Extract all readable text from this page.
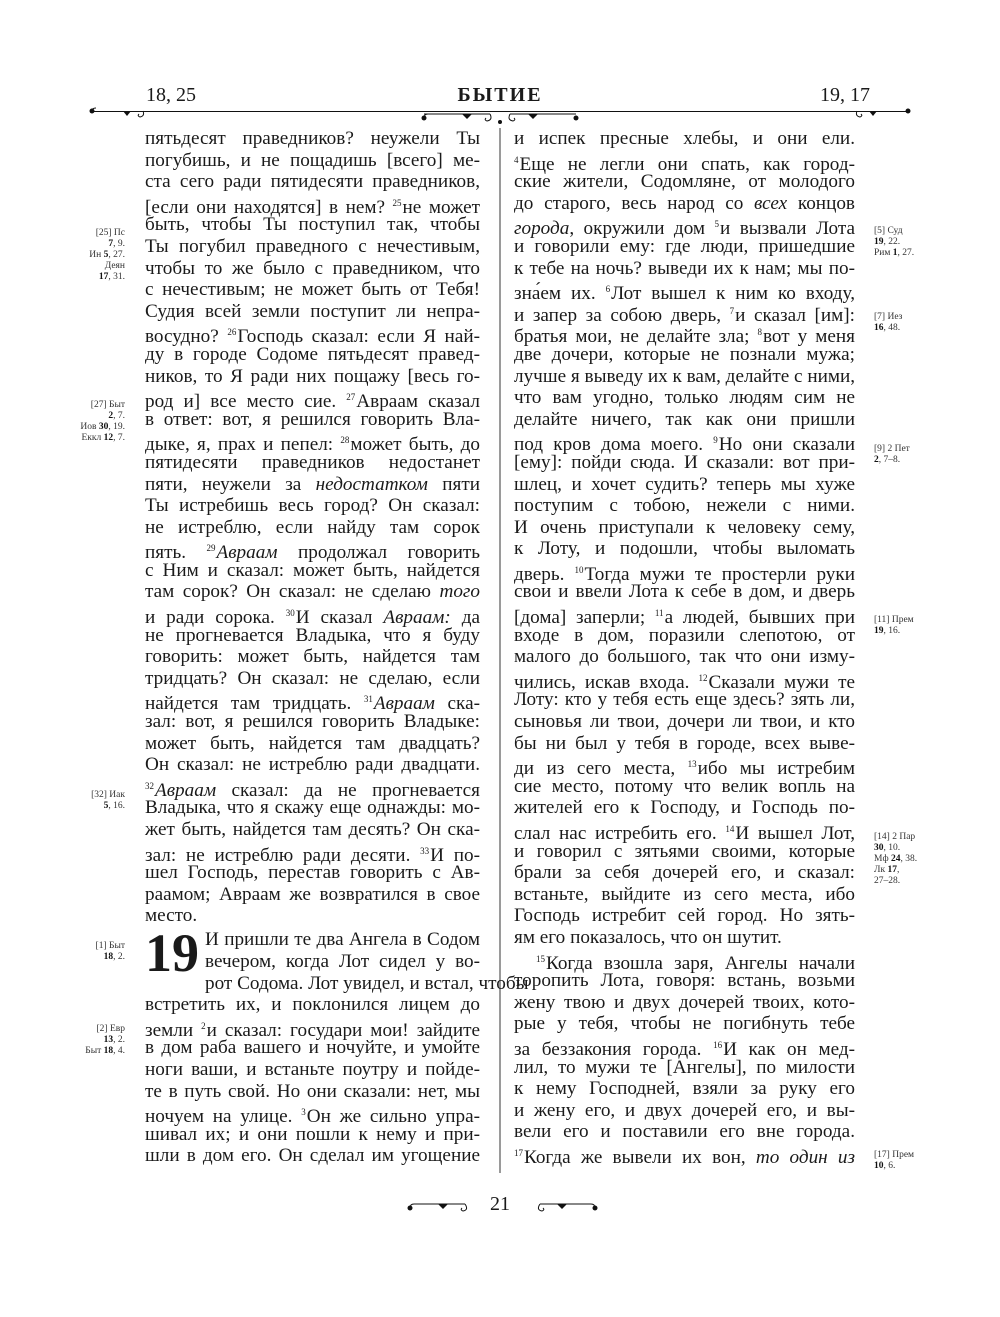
18, 25	БЫТИЕ	19, 17
пятьдесят праведников? неужели Ты
погубишь, и не пощадишь [всего] ме-
ста сего ради пятидесяти праведников,
[если они находятся] в нем? $^{25}$не может
быть, чтобы Ты поступил так, чтобы
Ты погубил праведного с нечестивым,
чтобы то же было с праведником, что
с нечестивым; не может быть от Тебя!
Судия всей земли поступит ли непра-
восудно? $^{26}$Господь сказал: если Я най-
ду в городе Содоме пятьдесят правед-
ников, то Я ради них пощажу [весь го-
род и] все место сие. $^{27}$Авраам сказал
в ответ: вот, я решился говорить Вла-
дыке, я, прах и пепел: $^{28}$может быть, до
пятидесяти праведников недостанет
пяти, неужели за недостатком пяти
Ты истребишь весь город? Он сказал:
не истреблю, если найду там сорок
пять. $^{29}$Авраам продолжал говорить
с Ним и сказал: может быть, найдется
там сорок? Он сказал: не сделаю того
и ради сорока. $^{30}$И сказал Авраам: да
не прогневается Владыка, что я буду
говорить: может быть, найдется там
тридцать? Он сказал: не сделаю, если
найдется там тридцать. $^{31}$Авраам ска-
зал: вот, я решился говорить Владыке:
может быть, найдется там двадцать?
Он сказал: не истреблю ради двадцати.
$^{32}$Авраам сказал: да не прогневается
Владыка, что я скажу еще однажды: мо-
жет быть, найдется там десять? Он ска-
зал: не истреблю ради десяти. $^{33}$И по-
шел Господь, перестав говорить с Ав-
раамом; Авраам же возвратился в свое
место.
19 И пришли те два Ангела в Содом
вечером, когда Лот сидел у во-
рот Содома. Лот увидел, и встал, чтобы
встретить их, и поклонился лицем до
земли $^2$и сказал: государи мои! зайдите
в дом раба вашего и ночуйте, и умойте
ноги ваши, и встаньте поутру и пойде-
те в путь свой. Но они сказали: нет, мы
ночуем на улице. $^3$Он же сильно упра-
шивал их; и они пошли к нему и при-
шли в дом его. Он сделал им угощение
и испек пресные хлебы, и они ели.
$^4$Еще не легли они спать, как город-
ские жители, Содомляне, от молодого
до старого, весь народ со всех концов
города, окружили дом $^5$и вызвали Лота
и говорили ему: где люди, пришедшие
к тебе на ночь? выведи их к нам; мы по-
зна́ем их. $^6$Лот вышел к ним ко входу,
и запер за собою дверь, $^7$и сказал [им]:
братья мои, не делайте зла; $^8$вот у меня
две дочери, которые не познали мужа;
лучше я выведу их к вам, делайте с ними,
что вам угодно, только людям сим не
делайте ничего, так как они пришли
под кров дома моего. $^9$Но они сказали
[ему]: пойди сюда. И сказали: вот при-
шлец, и хочет судить? теперь мы хуже
поступим с тобою, нежели с ними.
И очень приступали к человеку сему,
к Лоту, и подошли, чтобы выломать
дверь. $^{10}$Тогда мужи те простерли руки
свои и ввели Лота к себе в дом, и дверь
[дома] заперли; $^{11}$а людей, бывших при
входе в дом, поразили слепотою, от
малого до большого, так что они изму-
чились, искав входа. $^{12}$Сказали мужи те
Лоту: кто у тебя есть еще здесь? зять ли,
сыновья ли твои, дочери ли твои, и кто
бы ни был у тебя в городе, всех выве-
ди из сего места, $^{13}$ибо мы истребим
сие место, потому что велик вопль на
жителей его к Господу, и Господь по-
слал нас истребить его. $^{14}$И вышел Лот,
и говорил с зятьями своими, которые
брали за себя дочерей его, и сказал:
встаньте, выйдите из сего места, ибо
Господь истребит сей город. Но зять-
ям его показалось, что он шутит.
$^{15}$Когда взошла заря, Ангелы начали
торопить Лота, говоря: встань, возьми
жену твою и двух дочерей твоих, кото-
рые у тебя, чтобы не погибнуть тебе
за беззакония города. $^{16}$И как он мед-
лил, то мужи те [Ангелы], по милости
к нему Господней, взяли за руку его
и жену его, и двух дочерей его, и вы-
вели его и поставили его вне города.
$^{17}$Когда же вывели их вон, то один из
[25] Пс
7, 9.
Ин 5, 27.
Деян
17, 31.
[27] Быт
2, 7.
Иов 30, 19.
Еккл 12, 7.
[32] Иак
5, 16.
[1] Быт
18, 2.
[2] Евр
13, 2.
Быт 18, 4.
[5] Суд
19, 22.
Рим 1, 27.
[7] Иез
16, 48.
[9] 2 Пет
2, 7–8.
[11] Прем
19, 16.
[14] 2 Пар
30, 10.
Мф 24, 38.
Лк 17,
27–28.
[17] Прем
10, 6.
21
